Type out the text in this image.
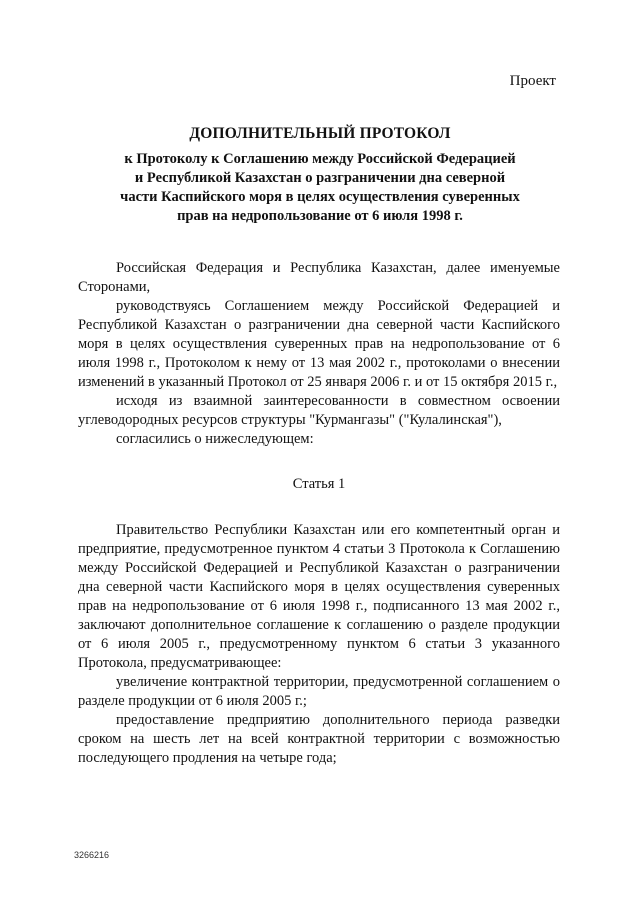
Проект
ДОПОЛНИТЕЛЬНЫЙ ПРОТОКОЛ
к Протоколу к Соглашению между Российской Федерацией
и Республикой Казахстан о разграничении дна северной
части Каспийского моря в целях осуществления суверенных
прав на недропользование от 6 июля 1998 г.

Российская Федерация и Республика Казахстан, далее именуемые Сторонами,

руководствуясь Соглашением между Российской Федерацией и Республикой Казахстан о разграничении дна северной части Каспийского моря в целях осуществления суверенных прав на недропользование от 6 июля 1998 г., Протоколом к нему от 13 мая 2002 г., протоколами о внесении изменений в указанный Протокол от 25 января 2006 г. и от 15 октября 2015 г.,

исходя из взаимной заинтересованности в совместном освоении углеводородных ресурсов структуры "Курмангазы" ("Кулалинская"),

согласились о нижеследующем:

Статья 1

Правительство Республики Казахстан или его компетентный орган и предприятие, предусмотренное пунктом 4 статьи 3 Протокола к Соглашению между Российской Федерацией и Республикой Казахстан о разграничении дна северной части Каспийского моря в целях осуществления суверенных прав на недропользование от 6 июля 1998 г., подписанного 13 мая 2002 г., заключают дополнительное соглашение к соглашению о разделе продукции от 6 июля 2005 г., предусмотренному пунктом 6 статьи 3 указанного Протокола, предусматривающее:

увеличение контрактной территории, предусмотренной соглашением о разделе продукции от 6 июля 2005 г.;

предоставление предприятию дополнительного периода разведки сроком на шесть лет на всей контрактной территории с возможностью последующего продления на четыре года;

3266216
